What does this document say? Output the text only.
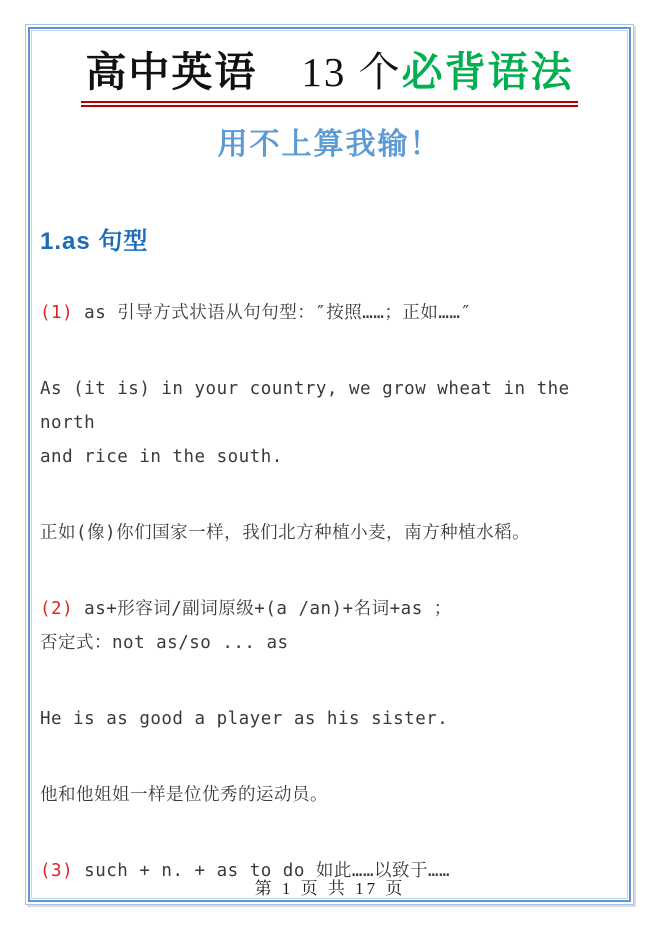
高中英语 13 个必背语法
用不上算我输！
1.as 句型

(1) as 引导方式状语从句句型：″按照……；正如……″

As (it is) in your country, we grow wheat in the north
and rice in the south.

正如(像)你们国家一样，我们北方种植小麦，南方种植水稻。

(2) as+形容词/副词原级+(a /an)+名词+as ；
否定式：not as/so ... as

He is as good a player as his sister.

他和他姐姐一样是位优秀的运动员。

(3) such + n. + as to do 如此……以致于……

第 1 页 共 17 页
